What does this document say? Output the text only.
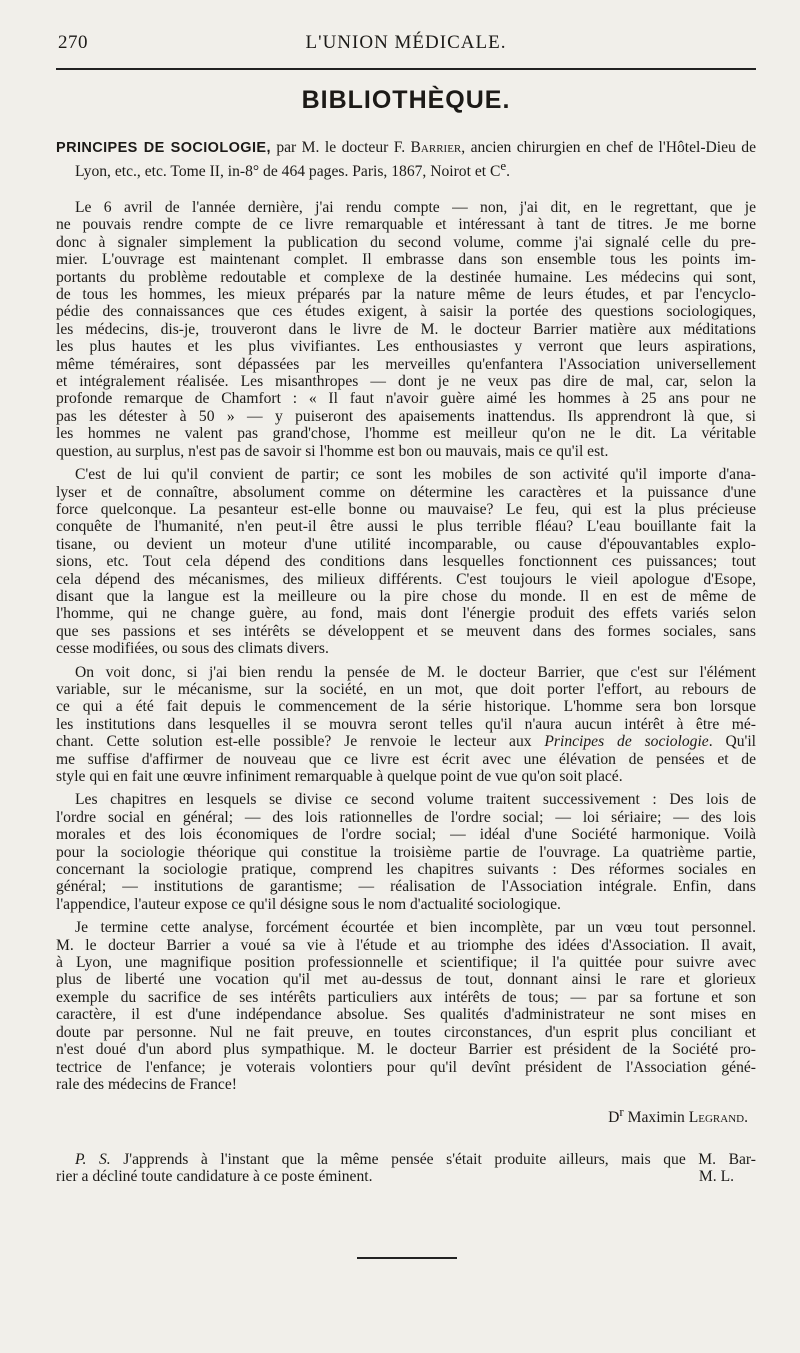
270	L'UNION MÉDICALE.
BIBLIOTHÈQUE.
PRINCIPES DE SOCIOLOGIE, par M. le docteur F. Barrier, ancien chirurgien en chef de l'Hôtel-Dieu de Lyon, etc., etc. Tome II, in-8° de 464 pages. Paris, 1867, Noirot et Ce.

Le 6 avril de l'année dernière, j'ai rendu compte — non, j'ai dit, en le regrettant, que je
ne pouvais rendre compte de ce livre remarquable et intéressant à tant de titres. Je me borne
donc à signaler simplement la publication du second volume, comme j'ai signalé celle du pre-
mier. L'ouvrage est maintenant complet. Il embrasse dans son ensemble tous les points im-
portants du problème redoutable et complexe de la destinée humaine. Les médecins qui sont,
de tous les hommes, les mieux préparés par la nature même de leurs études, et par l'encyclo-
pédie des connaissances que ces études exigent, à saisir la portée des questions sociologiques,
les médecins, dis-je, trouveront dans le livre de M. le docteur Barrier matière aux méditations
les plus hautes et les plus vivifiantes. Les enthousiastes y verront que leurs aspirations,
même téméraires, sont dépassées par les merveilles qu'enfantera l'Association universellement
et intégralement réalisée. Les misanthropes — dont je ne veux pas dire de mal, car, selon la
profonde remarque de Chamfort : « Il faut n'avoir guère aimé les hommes à 25 ans pour ne
pas les détester à 50 » — y puiseront des apaisements inattendus. Ils apprendront là que, si
les hommes ne valent pas grand'chose, l'homme est meilleur qu'on ne le dit. La véritable
question, au surplus, n'est pas de savoir si l'homme est bon ou mauvais, mais ce qu'il est.

C'est de lui qu'il convient de partir; ce sont les mobiles de son activité qu'il importe d'ana-
lyser et de connaître, absolument comme on détermine les caractères et la puissance d'une
force quelconque. La pesanteur est-elle bonne ou mauvaise? Le feu, qui est la plus précieuse
conquête de l'humanité, n'en peut-il être aussi le plus terrible fléau? L'eau bouillante fait la
tisane, ou devient un moteur d'une utilité incomparable, ou cause d'épouvantables explo-
sions, etc. Tout cela dépend des conditions dans lesquelles fonctionnent ces puissances; tout
cela dépend des mécanismes, des milieux différents. C'est toujours le vieil apologue d'Esope,
disant que la langue est la meilleure ou la pire chose du monde. Il en est de même de
l'homme, qui ne change guère, au fond, mais dont l'énergie produit des effets variés selon
que ses passions et ses intérêts se développent et se meuvent dans des formes sociales, sans
cesse modifiées, ou sous des climats divers.

On voit donc, si j'ai bien rendu la pensée de M. le docteur Barrier, que c'est sur l'élément
variable, sur le mécanisme, sur la société, en un mot, que doit porter l'effort, au rebours de
ce qui a été fait depuis le commencement de la série historique. L'homme sera bon lorsque
les institutions dans lesquelles il se mouvra seront telles qu'il n'aura aucun intérêt à être mé-
chant. Cette solution est-elle possible? Je renvoie le lecteur aux Principes de sociologie. Qu'il
me suffise d'affirmer de nouveau que ce livre est écrit avec une élévation de pensées et de
style qui en fait une œuvre infiniment remarquable à quelque point de vue qu'on soit placé.

Les chapitres en lesquels se divise ce second volume traitent successivement : Des lois de
l'ordre social en général; — des lois rationnelles de l'ordre social; — loi sériaire; — des lois
morales et des lois économiques de l'ordre social; — idéal d'une Société harmonique. Voilà
pour la sociologie théorique qui constitue la troisième partie de l'ouvrage. La quatrième partie,
concernant la sociologie pratique, comprend les chapitres suivants : Des réformes sociales en
général; — institutions de garantisme; — réalisation de l'Association intégrale. Enfin, dans
l'appendice, l'auteur expose ce qu'il désigne sous le nom d'actualité sociologique.

Je termine cette analyse, forcément écourtée et bien incomplète, par un vœu tout personnel.
M. le docteur Barrier a voué sa vie à l'étude et au triomphe des idées d'Association. Il avait,
à Lyon, une magnifique position professionnelle et scientifique; il l'a quittée pour suivre avec
plus de liberté une vocation qu'il met au-dessus de tout, donnant ainsi le rare et glorieux
exemple du sacrifice de ses intérêts particuliers aux intérêts de tous; — par sa fortune et son
caractère, il est d'une indépendance absolue. Ses qualités d'administrateur ne sont mises en
doute par personne. Nul ne fait preuve, en toutes circonstances, d'un esprit plus conciliant et
n'est doué d'un abord plus sympathique. M. le docteur Barrier est président de la Société pro-
tectrice de l'enfance; je voterais volontiers pour qu'il devînt président de l'Association géné-
rale des médecins de France!

$D^r$ Maximin Legrand.
P. S. J'apprends à l'instant que la même pensée s'était produite ailleurs, mais que M. Bar-
rier a décliné toute candidature à ce poste éminent.	M. L.
